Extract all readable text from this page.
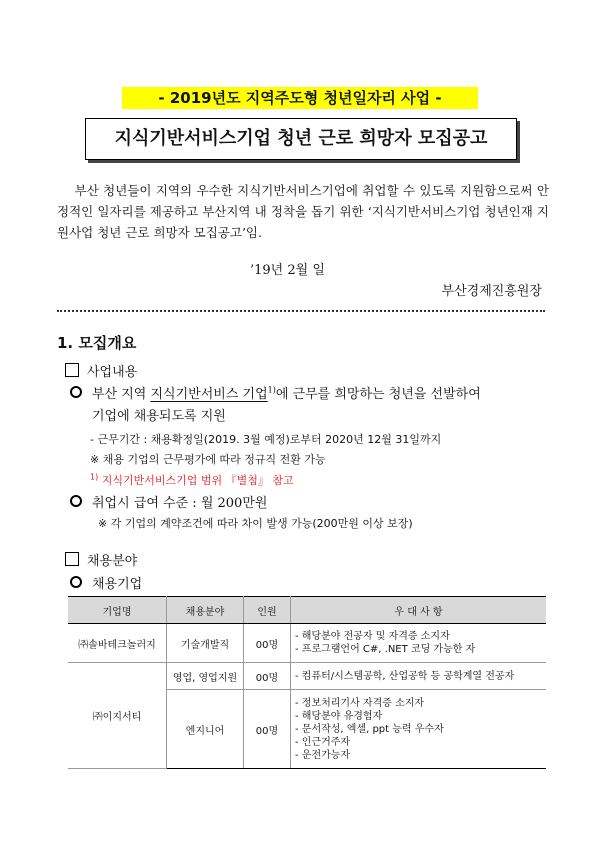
- 2019년도 지역주도형 청년일자리 사업 -
지식기반서비스기업 청년 근로 희망자 모집공고
부산 청년들이 지역의 우수한 지식기반서비스기업에 취업할 수 있도록 지원함으로써 안정적인 일자리를 제공하고 부산지역 내 정착을 돕기 위한 ‘지식기반서비스기업 청년인재 지원사업 청년 근로 희망자 모집공고’임.
’19년 2월 일
부산경제진흥원장
1. 모집개요
사업내용
부산 지역 지식기반서비스 기업$^{1)}$에 근무를 희망하는 청년을 선발하여
기업에 채용되도록 지원
- 근무기간 : 채용확정일(2019. 3월 예정)로부터 2020년 12월 31일까지
※ 채용 기업의 근무평가에 따라 정규직 전환 가능
$^{1)}$ 지식기반서비스기업 범위 『별첨』 참고
취업시 급여 수준 : 월 200만원
※ 각 기업의 계약조건에 따라 차이 발생 가능(200만원 이상 보장)
채용분야
채용기업
기업명	채용분야	인원	우 대 사 항
㈜솔바테크놀러지	기술개발직	00명	- 해당분야 전공자 및 자격증 소지자
- 프로그램언어 C#, .NET 코딩 가능한 자

㈜이지서티	영업, 영업지원	00명	- 컴퓨터/시스템공학, 산업공학 등 공학계열 전공자

	엔지니어	00명	- 정보처리기사 자격증 소지자
- 해당분야 유경험자
- 문서작성, 엑셀, ppt 능력 우수자
- 인근거주자
- 운전가능자
